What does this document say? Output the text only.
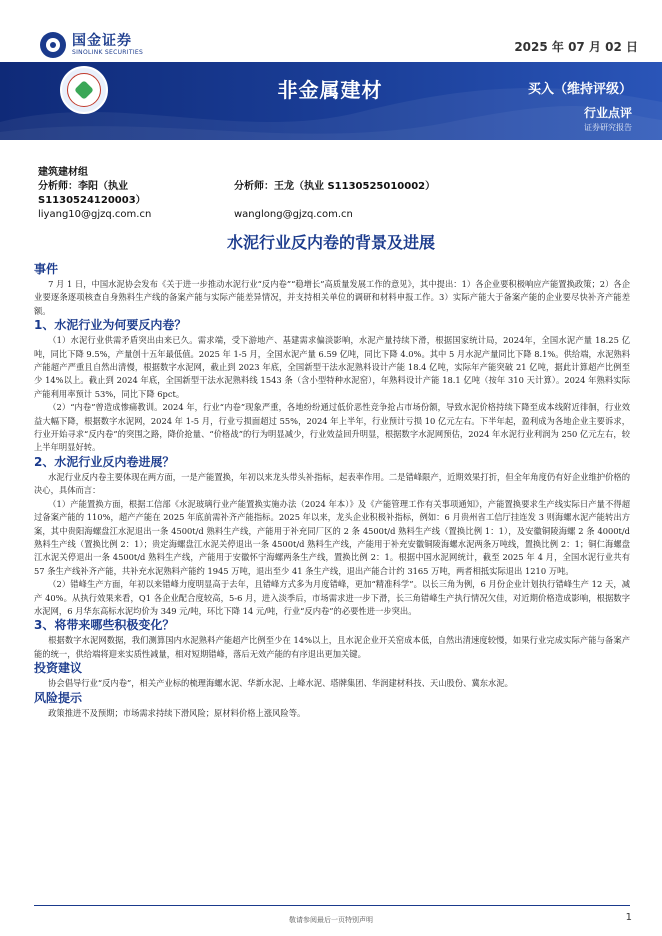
国金证券
SINOLINK SECURITIES	2025 年 07 月 02 日
非金属建材	买入（维持评级）
行业点评
证券研究报告
建筑建材组
分析师：李阳（执业 S1130524120003）
分析师：王龙（执业 S1130525010002）
liyang10@gjzq.com.cn	wanglong@gjzq.com.cn
水泥行业反内卷的背景及进展
事件
7 月 1 日，中国水泥协会发布《关于进一步推动水泥行业“反内卷”“稳增长”高质量发展工作的意见》，其中提出：1）各企业要积极响应产能置换政策；2）各企业要逐条逐项核查自身熟料生产线的备案产能与实际产能差异情况，并支持相关单位的调研和材料申报工作。3）实际产能大于备案产能的企业要尽快补齐产能差额。
1、水泥行业为何要反内卷？
（1）水泥行业供需矛盾突出由来已久。需求端，受下游地产、基建需求偏淡影响，水泥产量持续下滑，根据国家统计局，2024年，全国水泥产量 18.25 亿吨，同比下降 9.5%，产量创十五年最低值。2025 年 1-5 月，全国水泥产量 6.59 亿吨，同比下降 4.0%。其中 5 月水泥产量同比下降 8.1%。供给端，水泥熟料产能超产严重且自然出清慢，根据数字水泥网，截止到 2023 年底，全国新型干法水泥熟料设计产能 18.4 亿吨，实际年产能突破 21 亿吨，据此计算超产比例至少 14%以上。截止到 2024 年底，全国新型干法水泥熟料线 1543 条（含小型特种水泥窑），年熟料设计产能 18.1 亿吨（按年 310 天计算）。2024 年熟料实际产能利用率预计 53%，同比下降 6pct。
（2）“内卷”曾造成惨痛教训。2024 年，行业“内卷”现象严重，各地纷纷通过低价恶性竞争抢占市场份额，导致水泥价格持续下降至成本线附近徘徊，行业效益大幅下降，根据数字水泥网，2024 年 1-5 月，行业亏损面超过 55%，2024 年上半年，行业预计亏损 10 亿元左右。下半年起，盈利成为各地企业主要诉求，行业开始寻求“反内卷”的突围之路，降价抢量、“价格战”的行为明显减少，行业效益回升明显，根据数字水泥网预估，2024 年水泥行业利润为 250 亿元左右，较上半年明显好转。
2、水泥行业反内卷进展？
水泥行业反内卷主要体现在两方面，一是产能置换，年初以来龙头带头补指标，起表率作用。二是错峰限产，近期效果打折，但全年角度仍有好企业维护价格的决心，具体而言：
（1）产能置换方面，根据工信部《水泥玻璃行业产能置换实施办法（2024 年本）》及《产能管理工作有关事项通知》，产能置换要求生产线实际日产量不得超过备案产能的 110%，超产产能在 2025 年底前需补齐产能指标。2025 年以来，龙头企业积极补指标，例如：6 月贵州省工信厅挂连发 3 则海螺水泥产能转出方案，其中贵阳海螺盘江水泥退出一条 4500t/d 熟料生产线，产能用于补充同厂区的 2 条 4500t/d 熟料生产线（置换比例 1：1），及安徽铜陵海螺 2 条 4000t/d 熟料生产线（置换比例 2：1）；贵定海螺盘江水泥关停退出一条 4500t/d 熟料生产线，产能用于补充安徽铜陵海螺水泥两条万吨线，置换比例 2：1；铜仁海螺盘江水泥关停退出一条 4500t/d 熟料生产线，产能用于安徽怀宁海螺两条生产线，置换比例 2：1。根据中国水泥网统计，截至 2025 年 4 月，全国水泥行业共有 57 条生产线补齐产能，共补充水泥熟料产能约 1945 万吨，退出至少 41 条生产线，退出产能合计约 3165 万吨，两者相抵实际退出 1210 万吨。
（2）错峰生产方面，年初以来错峰力度明显高于去年，且错峰方式多为月度错峰，更加“精准科学”。以长三角为例，6 月份企业计划执行错峰生产 12 天，减产 40%。从执行效果来看，Q1 各企业配合度较高，5-6 月，进入淡季后，市场需求进一步下滑，长三角错峰生产执行情况欠佳，对近期价格造成影响，根据数字水泥网，6 月华东高标水泥均价为 349 元/吨，环比下降 14 元/吨，行业“反内卷”的必要性进一步突出。
3、将带来哪些积极变化？
根据数字水泥网数据，我们测算国内水泥熟料产能超产比例至少在 14%以上，且水泥企业开关窑成本低，自然出清速度较慢，如果行业完成实际产能与备案产能的统一，供给端将迎来实质性减量，相对短期错峰，落后无效产能的有序退出更加关键。
投资建议
协会倡导行业“反内卷”，相关产业标的梳理海螺水泥、华新水泥、上峰水泥、塔牌集团、华润建材科技、天山股份、冀东水泥。
风险提示
政策推进不及预期；市场需求持续下滑风险；原材料价格上涨风险等。
敬请参阅最后一页特别声明	1
